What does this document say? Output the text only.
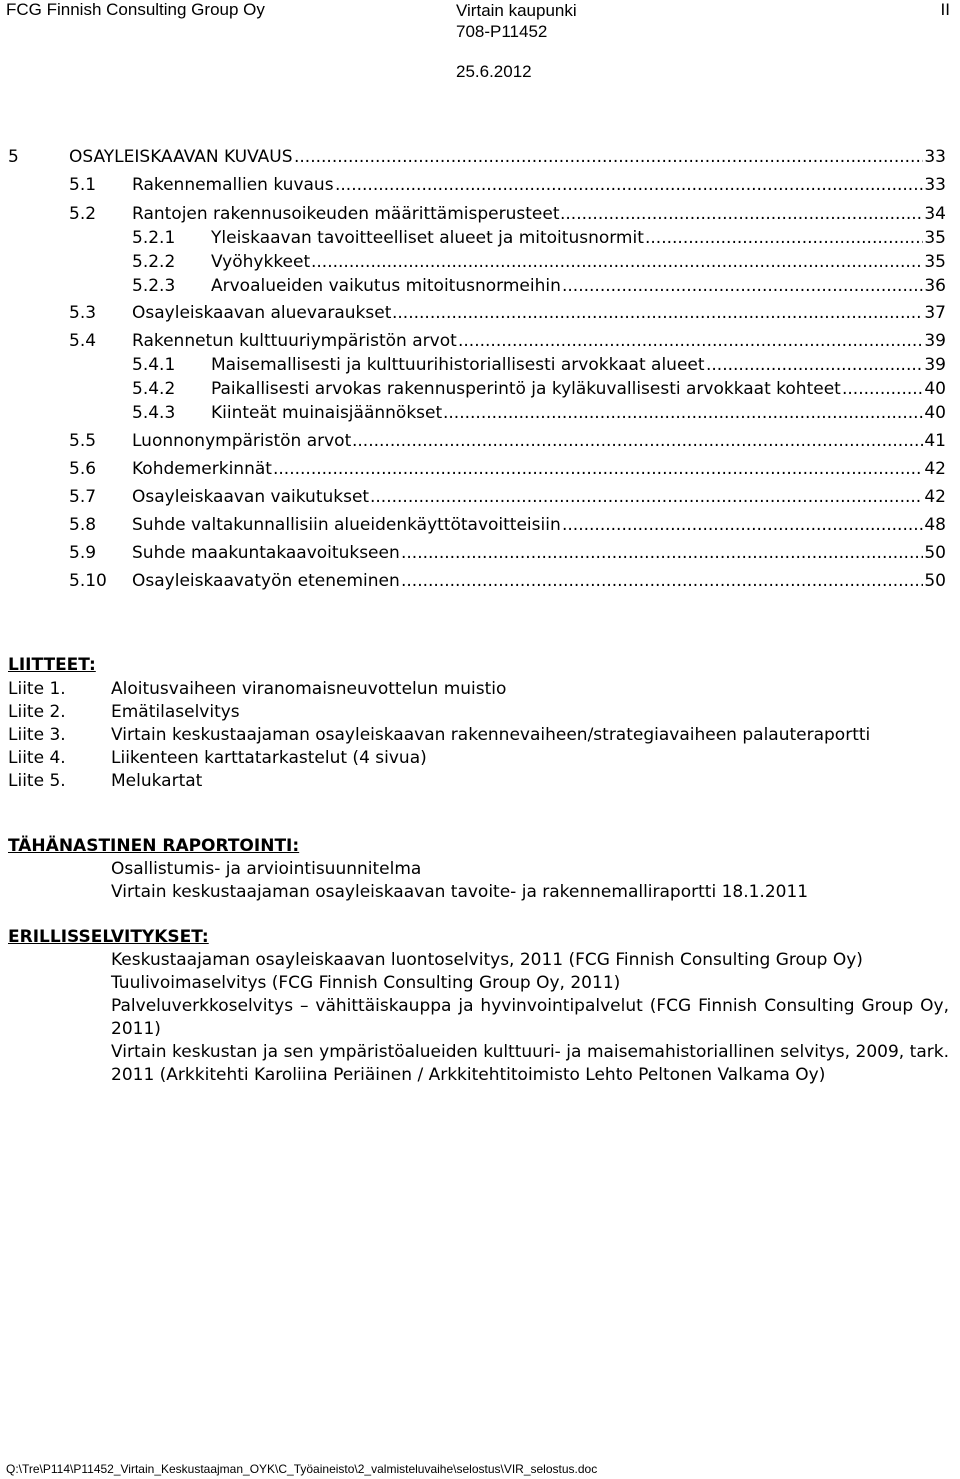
FCG Finnish Consulting Group Oy	Virtain kaupunki
708-P11452
II
25.6.2012
5	OSAYLEISKAAVAN KUVAUS .....	33
5.1 Rakennemallien kuvaus .....	33
5.2 Rantojen rakennusoikeuden määrittämisperusteet .....	34
5.2.1 Yleiskaavan tavoitteelliset alueet ja mitoitusnormit .....	35
5.2.2 Vyöhykkeet .....	35
5.2.3 Arvoalueiden vaikutus mitoitusnormeihin .....	36
5.3 Osayleiskaavan aluevaraukset .....	37
5.4 Rakennetun kulttuuriympäristön arvot .....	39
5.4.1 Maisemallisesti ja kulttuurihistoriallisesti arvokkaat alueet .....	39
5.4.2 Paikallisesti arvokas rakennusperintö ja kyläkuvallisesti arvokkaat kohteet .....	40
5.4.3 Kiinteät muinaisjäännökset .....	40
5.5 Luonnonympäristön arvot .....	41
5.6 Kohdemerkinnät .....	42
5.7 Osayleiskaavan vaikutukset .....	42
5.8 Suhde valtakunnallisiin alueidenkäyttötavoitteisiin .....	48
5.9 Suhde maakuntakaavoitukseen .....	50
5.10 Osayleiskaavatyön eteneminen .....	50
LIITTEET:
Liite 1.	Aloitusvaiheen viranomaisneuvottelun muistio
Liite 2.	Emätilaselvitys
Liite 3.	Virtain keskustaajaman osayleiskaavan rakennevaiheen/strategiavaiheen palauteraportti
Liite 4.	Liikenteen karttatarkastelut (4 sivua)
Liite 5.	Melukartat
TÄHÄNASTINEN RAPORTOINTI:
Osallistumis- ja arviointisuunnitelma
Virtain keskustaajaman osayleiskaavan tavoite- ja rakennemalliraportti 18.1.2011
ERILLISSELVITYKSET:
Keskustaajaman osayleiskaavan luontoselvitys, 2011 (FCG Finnish Consulting Group Oy)
Tuulivoimaselvitys (FCG Finnish Consulting Group Oy, 2011)
Palveluverkkoselvitys – vähittäiskauppa ja hyvinvointipalvelut (FCG Finnish Consulting Group Oy, 2011)
Virtain keskustan ja sen ympäristöalueiden kulttuuri- ja maisemahistoriallinen selvitys, 2009, tark. 2011 (Arkkitehti Karoliina Periäinen / Arkkitehtitoimisto Lehto Peltonen Valkama Oy)
Q:\Tre\P114\P11452_Virtain_Keskustaajman_OYK\C_Työaineisto\2_valmisteluvaihe\selostus\VIR_selostus.doc
